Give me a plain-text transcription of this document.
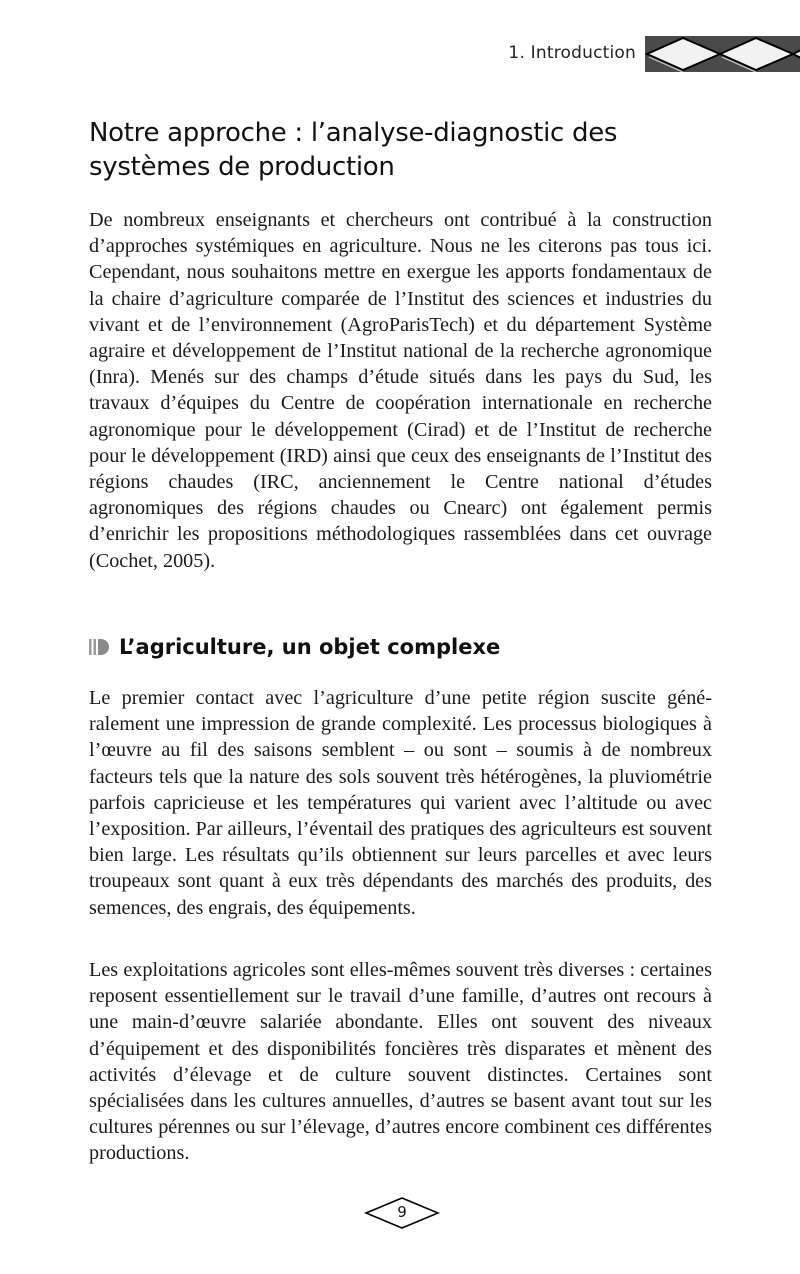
1. Introduction
Notre approche : l’analyse-diagnostic des systèmes de production

De nombreux enseignants et chercheurs ont contribué à la construction d’approches systémiques en agriculture. Nous ne les citerons pas tous ici. Cependant, nous souhaitons mettre en exergue les apports fondamentaux de la chaire d’agriculture comparée de l’Institut des sciences et industries du vivant et de l’environnement (AgroParisTech) et du département Système agraire et développement de l’Institut national de la recherche agronomique (Inra). Menés sur des champs d’étude situés dans les pays du Sud, les travaux d’équipes du Centre de coopération internationale en recherche agronomique pour le développement (Cirad) et de l’Institut de recherche pour le développement (IRD) ainsi que ceux des enseignants de l’Institut des régions chaudes (IRC, anciennement le Centre national d’études agronomiques des régions chaudes ou Cnearc) ont également permis d’enrichir les propositions méthodologiques rassemblées dans cet ouvrage (Cochet, 2005).

L’agriculture, un objet complexe

Le premier contact avec l’agriculture d’une petite région suscite généralement une impression de grande complexité. Les processus biologiques à l’œuvre au fil des saisons semblent – ou sont – soumis à de nombreux facteurs tels que la nature des sols souvent très hétérogènes, la pluviométrie parfois capricieuse et les températures qui varient avec l’altitude ou avec l’exposition. Par ailleurs, l’éventail des pratiques des agriculteurs est souvent bien large. Les résultats qu’ils obtiennent sur leurs parcelles et avec leurs troupeaux sont quant à eux très dépendants des marchés des produits, des semences, des engrais, des équipements.

Les exploitations agricoles sont elles-mêmes souvent très diverses : certaines reposent essentiellement sur le travail d’une famille, d’autres ont recours à une main-d’œuvre salariée abondante. Elles ont souvent des niveaux d’équipement et des disponibilités foncières très disparates et mènent des activités d’élevage et de culture souvent distinctes. Certaines sont spécialisées dans les cultures annuelles, d’autres se basent avant tout sur les cultures pérennes ou sur l’élevage, d’autres encore combinent ces différentes productions.

9
